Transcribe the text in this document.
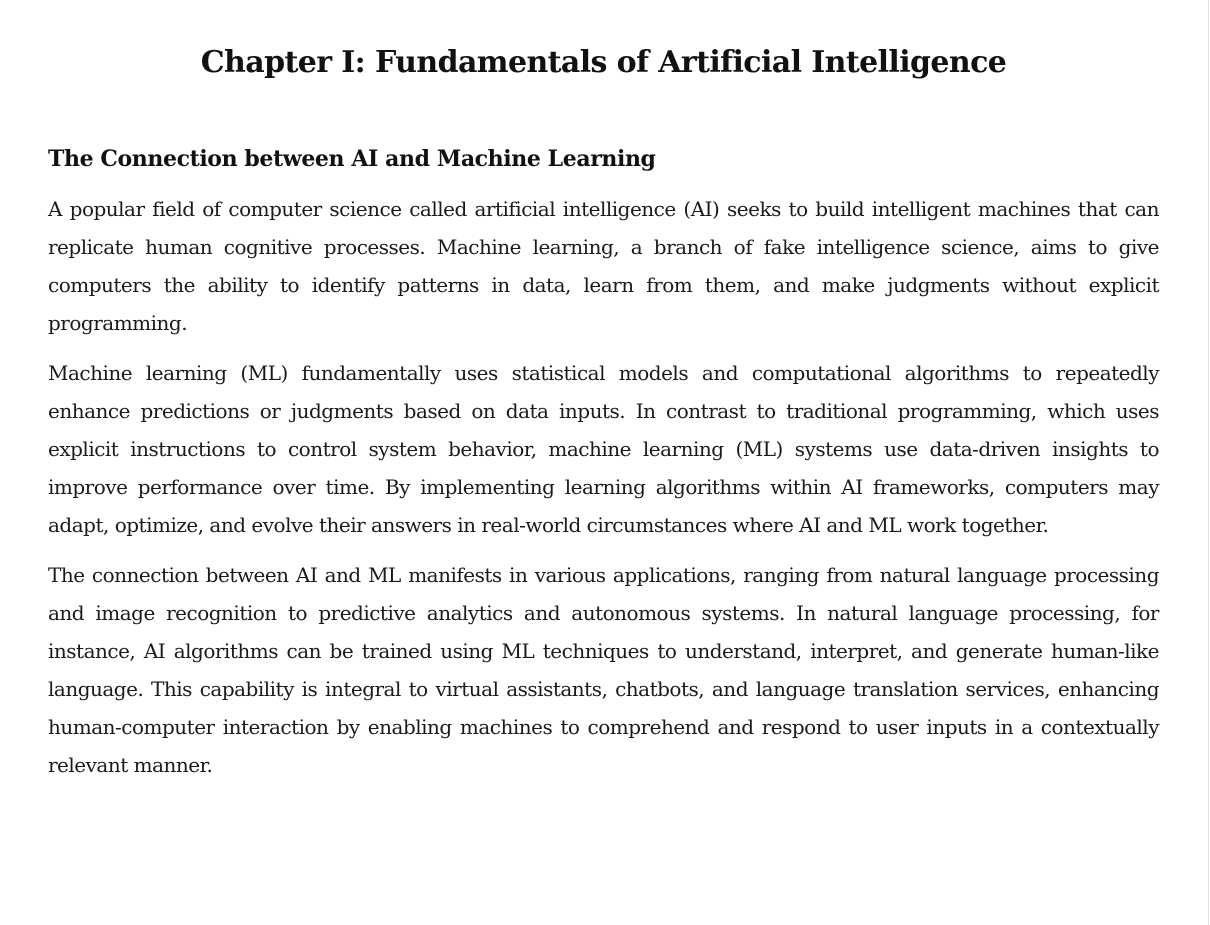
Chapter I: Fundamentals of Artificial Intelligence
The Connection between AI and Machine Learning

A popular field of computer science called artificial intelligence (AI) seeks to build intelligent machines that can replicate human cognitive processes. Machine learning, a branch of fake intelligence science, aims to give computers the ability to identify patterns in data, learn from them, and make judgments without explicit programming.

Machine learning (ML) fundamentally uses statistical models and computational algorithms to repeatedly enhance predictions or judgments based on data inputs. In contrast to traditional programming, which uses explicit instructions to control system behavior, machine learning (ML) systems use data-driven insights to improve performance over time. By implementing learning algorithms within AI frameworks, computers may adapt, optimize, and evolve their answers in real-world circumstances where AI and ML work together.

The connection between AI and ML manifests in various applications, ranging from natural language processing and image recognition to predictive analytics and autonomous systems. In natural language processing, for instance, AI algorithms can be trained using ML techniques to understand, interpret, and generate human-like language. This capability is integral to virtual assistants, chatbots, and language translation services, enhancing human-computer interaction by enabling machines to comprehend and respond to user inputs in a contextually relevant manner.
